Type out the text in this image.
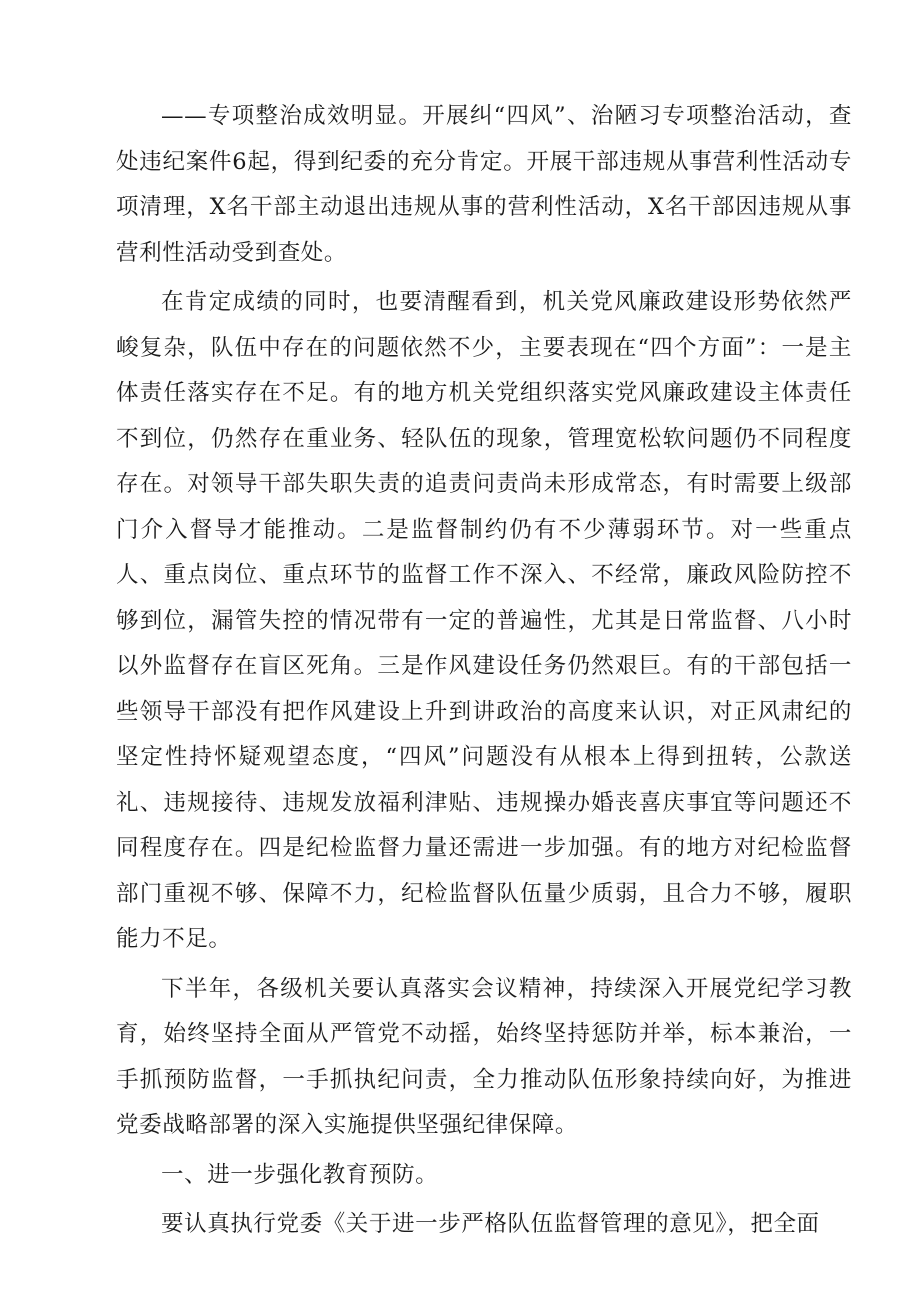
——专项整治成效明显。开展纠“四风”、治陋习专项整治活动，查处违纪案件6起，得到纪委的充分肯定。开展干部违规从事营利性活动专项清理，X名干部主动退出违规从事的营利性活动，X名干部因违规从事营利性活动受到查处。

在肯定成绩的同时，也要清醒看到，机关党风廉政建设形势依然严峻复杂，队伍中存在的问题依然不少，主要表现在“四个方面”：一是主体责任落实存在不足。有的地方机关党组织落实党风廉政建设主体责任不到位，仍然存在重业务、轻队伍的现象，管理宽松软问题仍不同程度存在。对领导干部失职失责的追责问责尚未形成常态，有时需要上级部门介入督导才能推动。二是监督制约仍有不少薄弱环节。对一些重点人、重点岗位、重点环节的监督工作不深入、不经常，廉政风险防控不够到位，漏管失控的情况带有一定的普遍性，尤其是日常监督、八小时以外监督存在盲区死角。三是作风建设任务仍然艰巨。有的干部包括一些领导干部没有把作风建设上升到讲政治的高度来认识，对正风肃纪的坚定性持怀疑观望态度，“四风”问题没有从根本上得到扭转，公款送礼、违规接待、违规发放福利津贴、违规操办婚丧喜庆事宜等问题还不同程度存在。四是纪检监督力量还需进一步加强。有的地方对纪检监督部门重视不够、保障不力，纪检监督队伍量少质弱，且合力不够，履职能力不足。

下半年，各级机关要认真落实会议精神，持续深入开展党纪学习教育，始终坚持全面从严管党不动摇，始终坚持惩防并举，标本兼治，一手抓预防监督，一手抓执纪问责，全力推动队伍形象持续向好，为推进党委战略部署的深入实施提供坚强纪律保障。

一、进一步强化教育预防。

要认真执行党委《关于进一步严格队伍监督管理的意见》，把全面
